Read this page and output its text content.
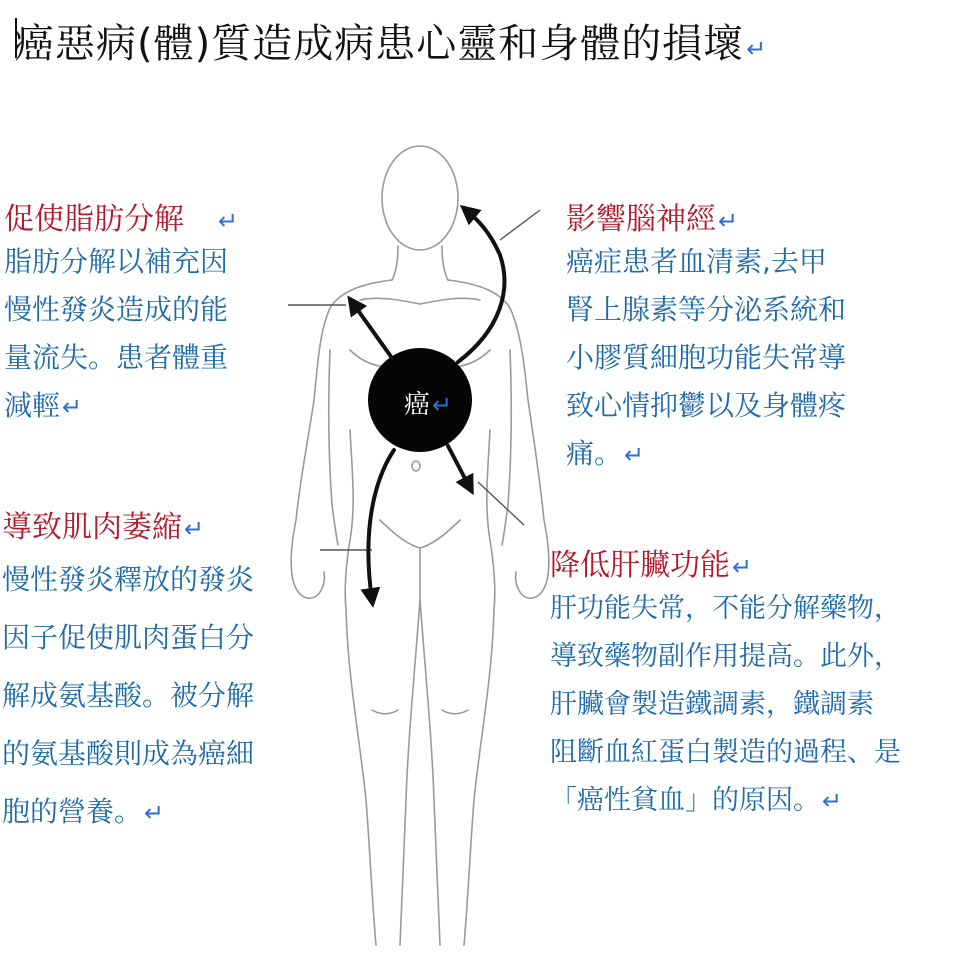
癌惡病(體)質造成病患心靈和身體的損壞↵
癌↵
促使脂肪分解 ↵
脂肪分解以補充因
慢性發炎造成的能
量流失。患者體重
減輕↵
影響腦神經↵
癌症患者血清素,去甲
腎上腺素等分泌系統和
小膠質細胞功能失常導
致心情抑鬱以及身體疼
痛。↵
導致肌肉萎縮↵
慢性發炎釋放的發炎
因子促使肌肉蛋白分
解成氨基酸。被分解
的氨基酸則成為癌細
胞的營養。↵
降低肝臟功能↵
肝功能失常，不能分解藥物，
導致藥物副作用提高。此外，
肝臟會製造鐵調素，鐵調素
阻斷血紅蛋白製造的過程、是
「癌性貧血」的原因。↵
